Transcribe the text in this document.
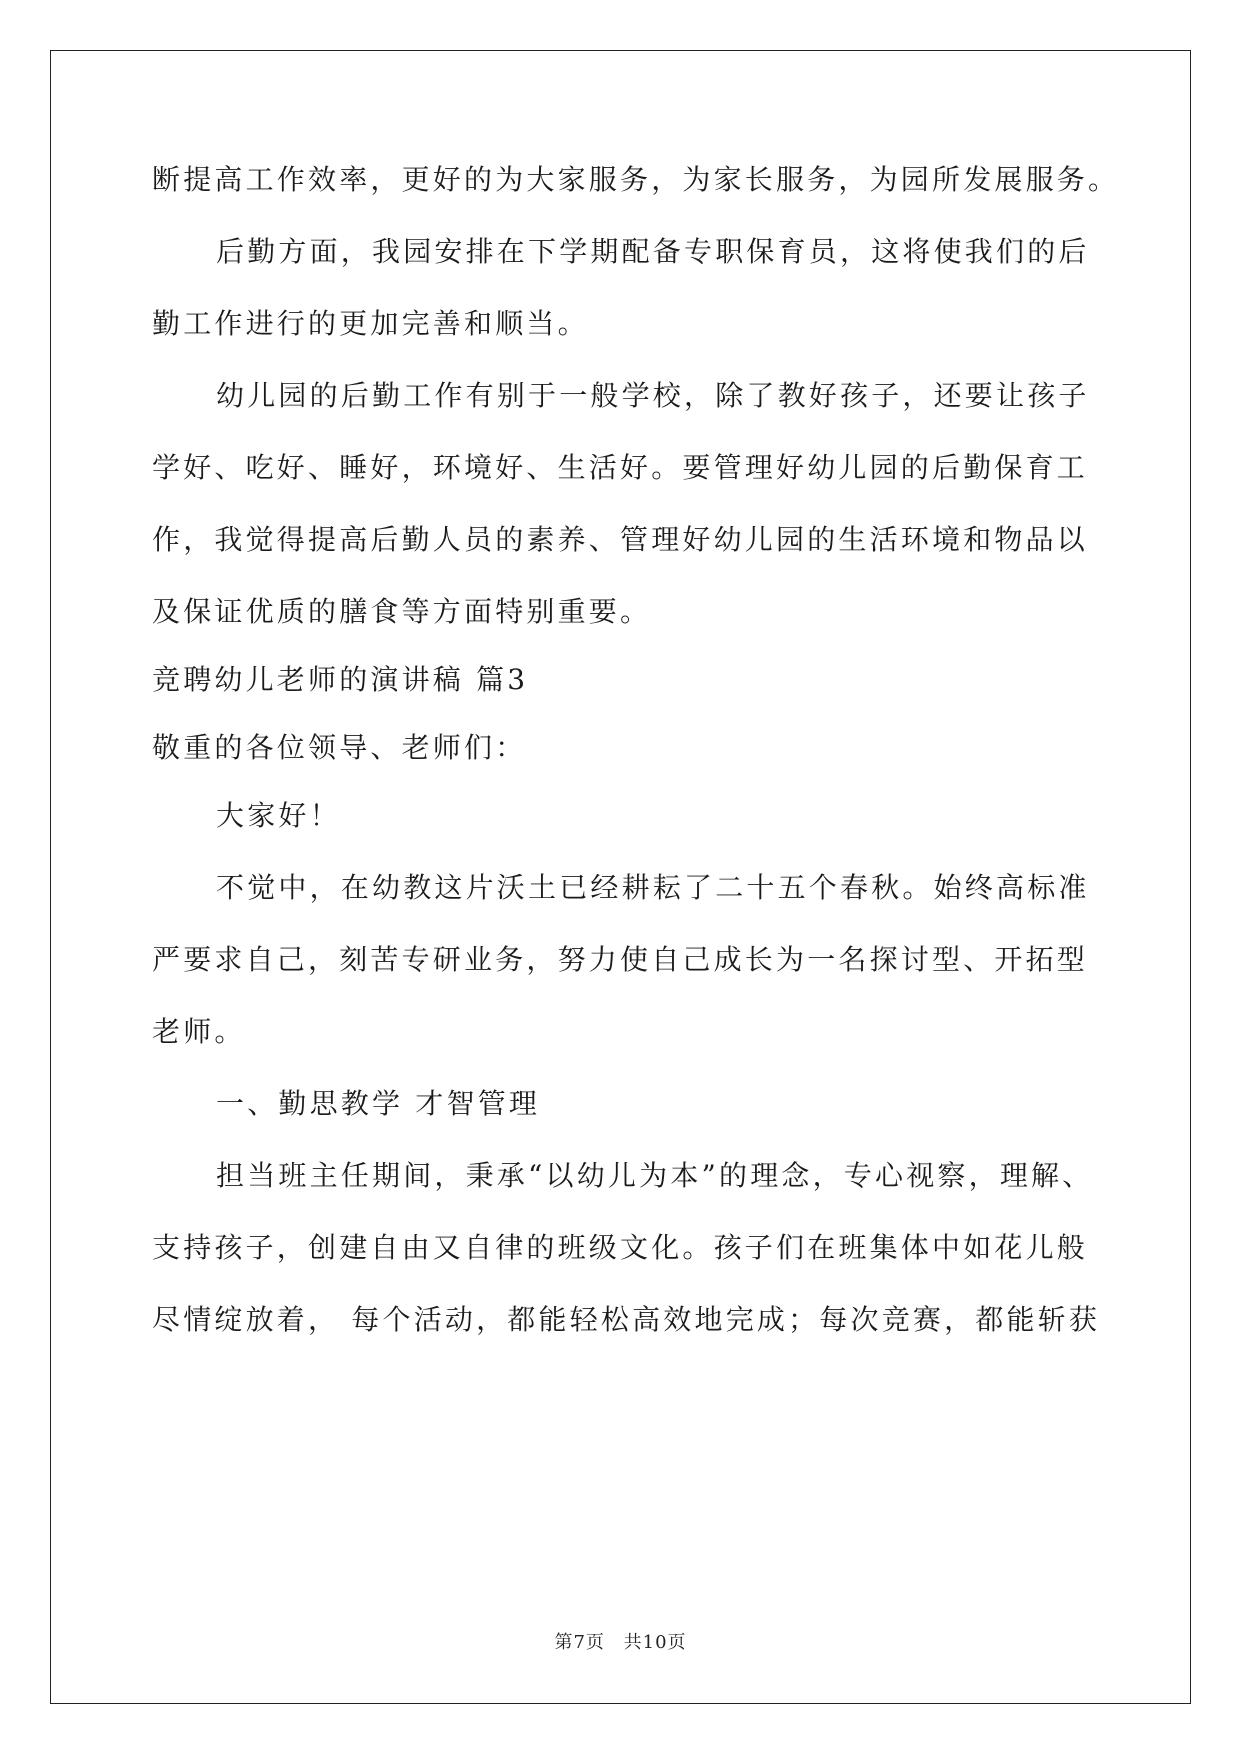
断提高工作效率，更好的为大家服务，为家长服务，为园所发展服务。
后勤方面，我园安排在下学期配备专职保育员，这将使我们的后
勤工作进行的更加完善和顺当。
幼儿园的后勤工作有别于一般学校，除了教好孩子，还要让孩子
学好、吃好、睡好，环境好、生活好。要管理好幼儿园的后勤保育工
作，我觉得提高后勤人员的素养、管理好幼儿园的生活环境和物品以
及保证优质的膳食等方面特别重要。
竞聘幼儿老师的演讲稿 篇3
敬重的各位领导、老师们：
大家好！
不觉中，在幼教这片沃土已经耕耘了二十五个春秋。始终高标准
严要求自己，刻苦专研业务，努力使自己成长为一名探讨型、开拓型
老师。
一、勤思教学 才智管理
担当班主任期间，秉承“以幼儿为本”的理念，专心视察，理解、
支持孩子，创建自由又自律的班级文化。孩子们在班集体中如花儿般
尽情绽放着， 每个活动，都能轻松高效地完成；每次竞赛，都能斩获
第7页 共10页
